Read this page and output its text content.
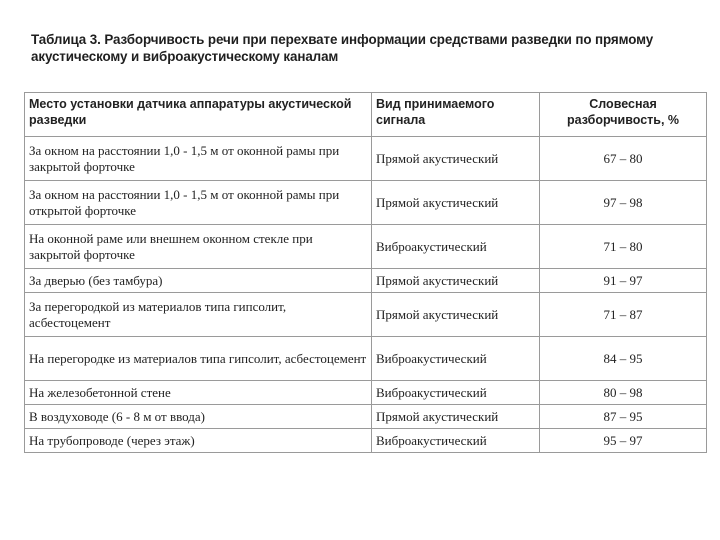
Таблица 3. Разборчивость речи при перехвате информации средствами разведки по прямому акустическому и виброакустическому каналам
Место установки датчика аппаратуры акустической разведки	Вид принимаемого сигнала	Словесная разборчивость, %
За окном на расстоянии 1,0 - 1,5 м от оконной рамы при закрытой форточке	Прямой акустический	67 – 80
За окном на расстоянии 1,0 - 1,5 м от оконной рамы при открытой форточке	Прямой акустический	97 – 98
На оконной раме или внешнем оконном стекле при закрытой форточке	Виброакустический	71 – 80
За дверью (без тамбура)	Прямой акустический	91 – 97
За перегородкой из материалов типа гипсолит, асбестоцемент	Прямой акустический	71 – 87
На перегородке из материалов типа гипсолит, асбестоцемент	Виброакустический	84 – 95
На железобетонной стене	Виброакустический	80 – 98
В воздуховоде (6 - 8 м от ввода)	Прямой акустический	87 – 95
На трубопроводе (через этаж)	Виброакустический	95 – 97
